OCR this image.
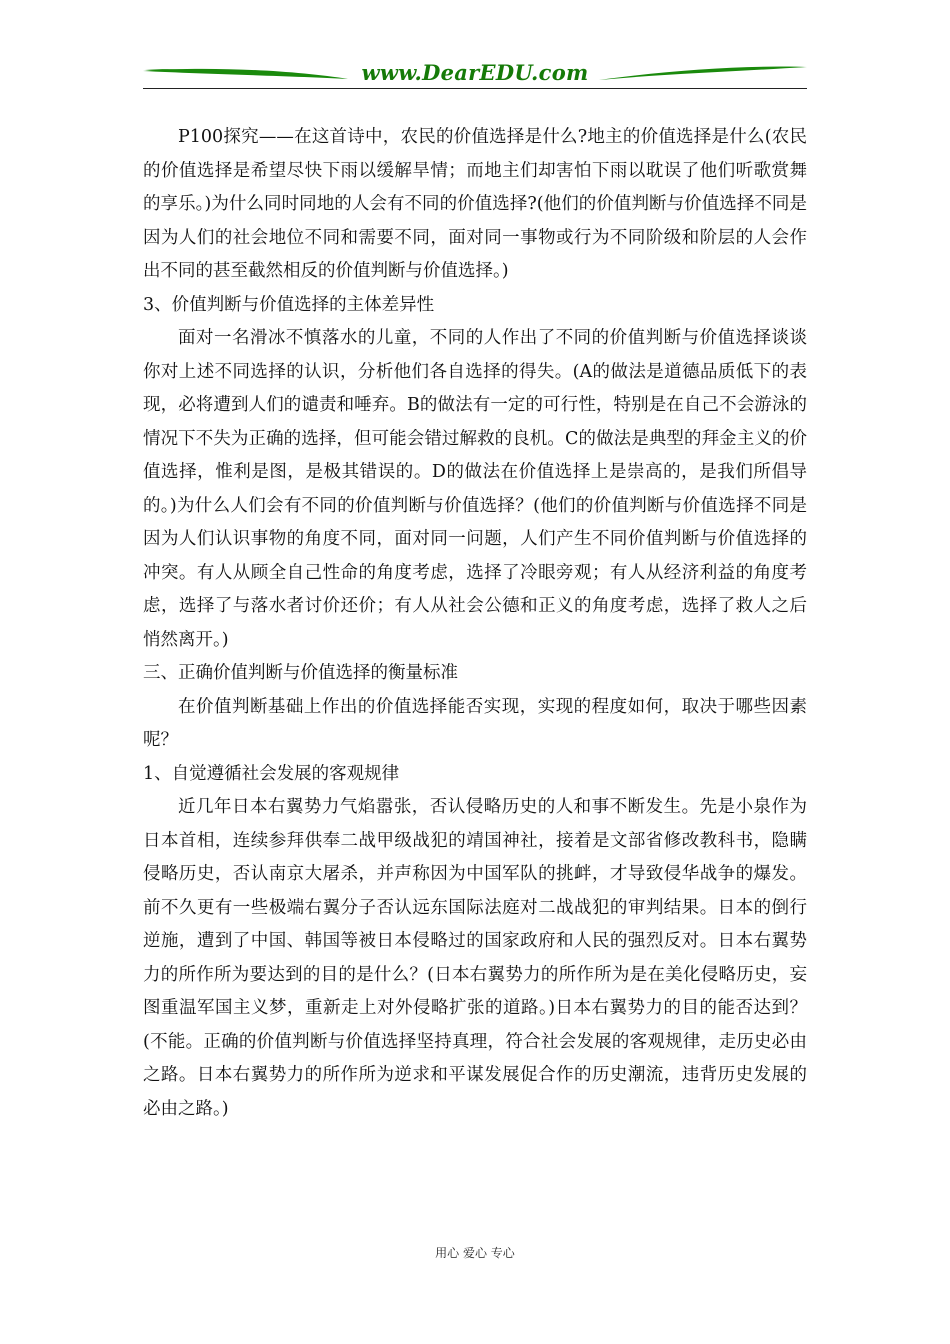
www.DearEDU.com

P100探究——在这首诗中，农民的价值选择是什么?地主的价值选择是什么(农民的价值选择是希望尽快下雨以缓解旱情；而地主们却害怕下雨以耽误了他们听歌赏舞的享乐。)为什么同时同地的人会有不同的价值选择?(他们的价值判断与价值选择不同是因为人们的社会地位不同和需要不同，面对同一事物或行为不同阶级和阶层的人会作出不同的甚至截然相反的价值判断与价值选择。)

3、价值判断与价值选择的主体差异性

面对一名滑冰不慎落水的儿童，不同的人作出了不同的价值判断与价值选择谈谈你对上述不同选择的认识，分析他们各自选择的得失。(A的做法是道德品质低下的表现，必将遭到人们的谴责和唾弃。B的做法有一定的可行性，特别是在自己不会游泳的情况下不失为正确的选择，但可能会错过解救的良机。C的做法是典型的拜金主义的价值选择，惟利是图，是极其错误的。D的做法在价值选择上是崇高的，是我们所倡导的。)为什么人们会有不同的价值判断与价值选择？(他们的价值判断与价值选择不同是因为人们认识事物的角度不同，面对同一问题，人们产生不同价值判断与价值选择的冲突。有人从顾全自己性命的角度考虑，选择了冷眼旁观；有人从经济利益的角度考虑，选择了与落水者讨价还价；有人从社会公德和正义的角度考虑，选择了救人之后悄然离开。)

三、正确价值判断与价值选择的衡量标准

在价值判断基础上作出的价值选择能否实现，实现的程度如何，取决于哪些因素呢？

1、自觉遵循社会发展的客观规律

近几年日本右翼势力气焰嚣张，否认侵略历史的人和事不断发生。先是小泉作为日本首相，连续参拜供奉二战甲级战犯的靖国神社，接着是文部省修改教科书，隐瞒侵略历史，否认南京大屠杀，并声称因为中国军队的挑衅，才导致侵华战争的爆发。前不久更有一些极端右翼分子否认远东国际法庭对二战战犯的审判结果。日本的倒行逆施，遭到了中国、韩国等被日本侵略过的国家政府和人民的强烈反对。日本右翼势力的所作所为要达到的目的是什么？(日本右翼势力的所作所为是在美化侵略历史，妄图重温军国主义梦，重新走上对外侵略扩张的道路。)日本右翼势力的目的能否达到？(不能。正确的价值判断与价值选择坚持真理，符合社会发展的客观规律，走历史必由之路。日本右翼势力的所作所为逆求和平谋发展促合作的历史潮流，违背历史发展的必由之路。)

用心 爱心 专心
